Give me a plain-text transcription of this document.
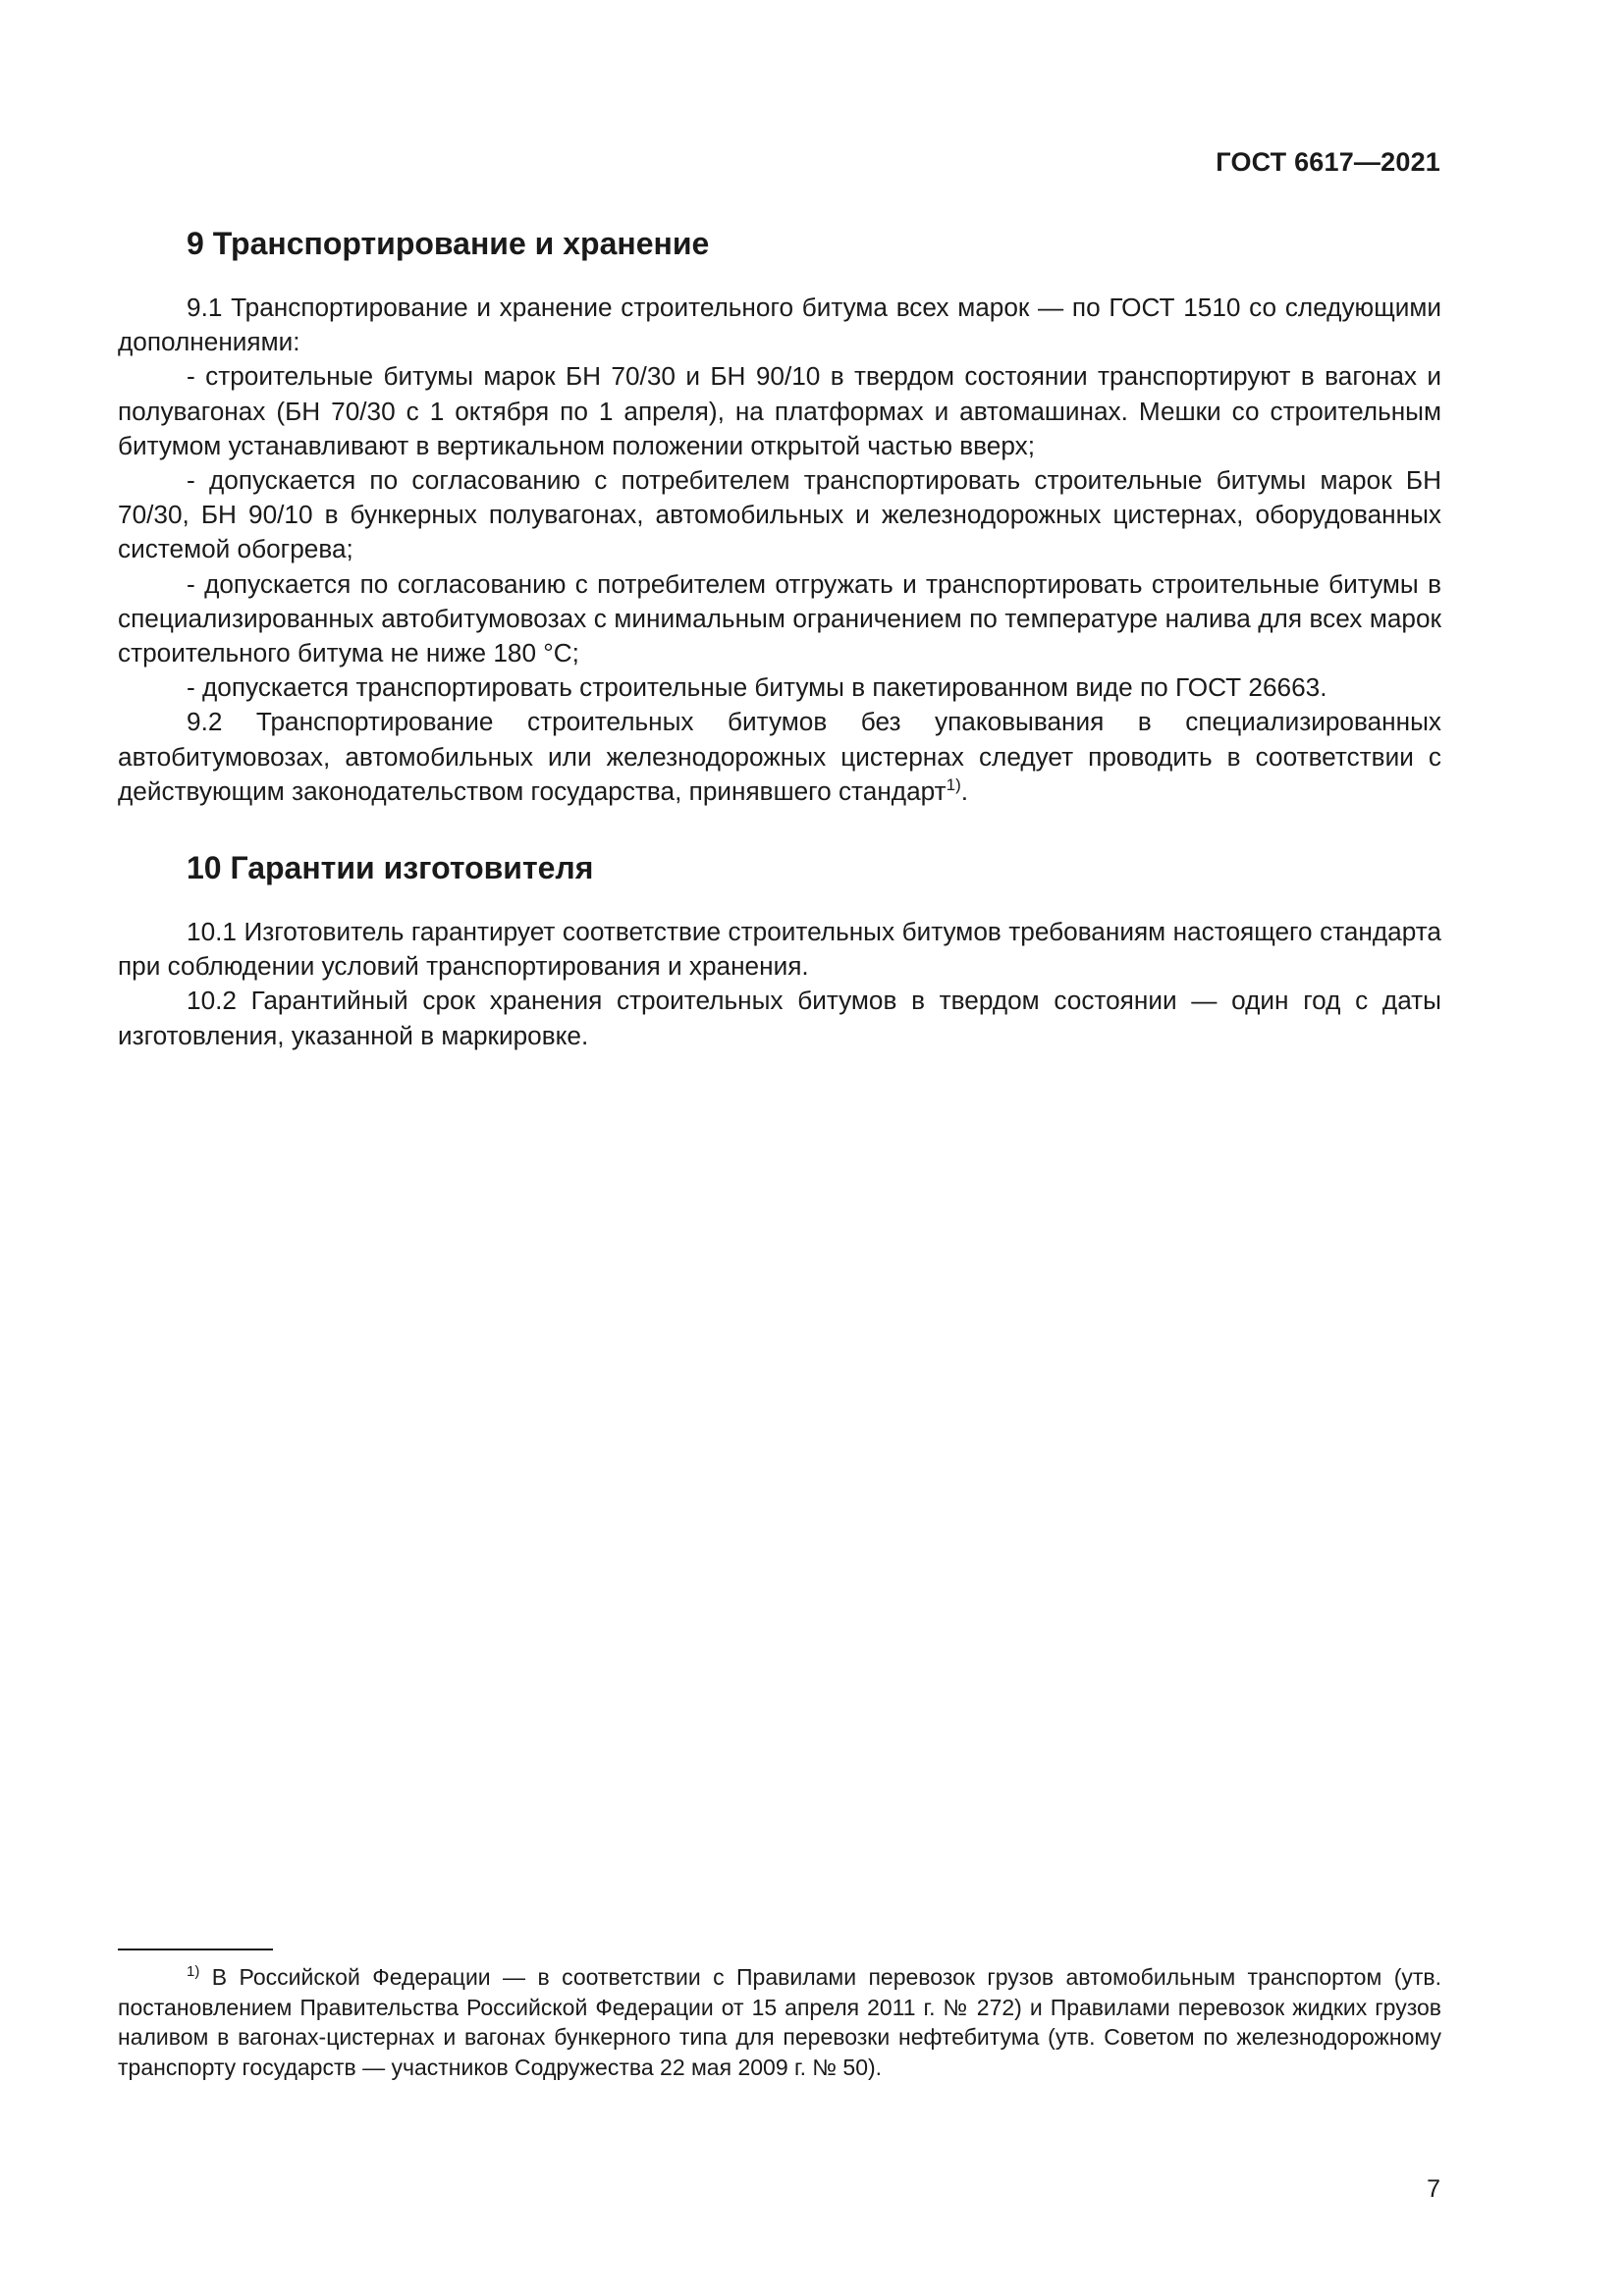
ГОСТ 6617—2021
9 Транспортирование и хранение

9.1 Транспортирование и хранение строительного битума всех марок — по ГОСТ 1510 со следующими дополнениями:

- строительные битумы марок БН 70/30 и БН 90/10 в твердом состоянии транспортируют в вагонах и полувагонах (БН 70/30 с 1 октября по 1 апреля), на платформах и автомашинах. Мешки со строительным битумом устанавливают в вертикальном положении открытой частью вверх;

- допускается по согласованию с потребителем транспортировать строительные битумы марок БН 70/30, БН 90/10 в бункерных полувагонах, автомобильных и железнодорожных цистернах, оборудованных системой обогрева;

- допускается по согласованию с потребителем отгружать и транспортировать строительные битумы в специализированных автобитумовозах с минимальным ограничением по температуре налива для всех марок строительного битума не ниже 180 °С;

- допускается транспортировать строительные битумы в пакетированном виде по ГОСТ 26663.

9.2 Транспортирование строительных битумов без упаковывания в специализированных автобитумовозах, автомобильных или железнодорожных цистернах следует проводить в соответствии с действующим законодательством государства, принявшего стандарт$^{1)}$.

10 Гарантии изготовителя

10.1 Изготовитель гарантирует соответствие строительных битумов требованиям настоящего стандарта при соблюдении условий транспортирования и хранения.

10.2 Гарантийный срок хранения строительных битумов в твердом состоянии — один год с даты изготовления, указанной в маркировке.

$^{1)}$ В Российской Федерации — в соответствии с Правилами перевозок грузов автомобильным транспортом (утв. постановлением Правительства Российской Федерации от 15 апреля 2011 г. № 272) и Правилами перевозок жидких грузов наливом в вагонах-цистернах и вагонах бункерного типа для перевозки нефтебитума (утв. Советом по железнодорожному транспорту государств — участников Содружества 22 мая 2009 г. № 50).

7
